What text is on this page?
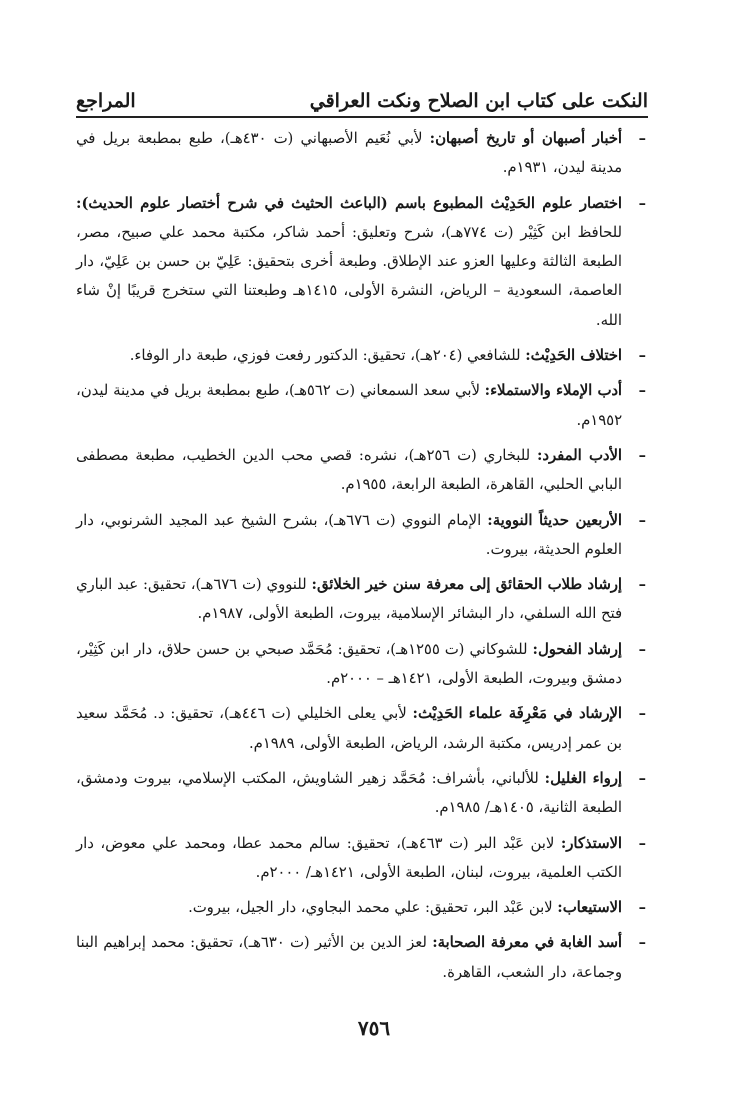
النكت على كتاب ابن الصلاح ونكت العراقي
المراجع
–
أخبار أصبهان أو تاريخ أصبهان: لأبي نُعَيم الأصبهاني (ت ٤٣٠هـ)، طبع بمطبعة بريل في مدينة ليدن، ١٩٣١م.
–
اختصار علوم الحَدِيْث المطبوع باسم (الباعث الحثيث في شرح أختصار علوم الحديث): للحافظ ابن كَثِيْر (ت ٧٧٤هـ)، شرح وتعليق: أحمد شاكر، مكتبة محمد علي صبيح، مصر، الطبعة الثالثة وعليها العزو عند الإطلاق. وطبعة أخرى بتحقيق: عَلِيّ بن حسن بن عَلِيّ، دار العاصمة، السعودية – الرياض، النشرة الأولى، ١٤١٥هـ وطبعتنا التي ستخرج قريبًا إنْ شاء الله.
–
اختلاف الحَدِيْث: للشافعي (٢٠٤هـ)، تحقيق: الدكتور رفعت فوزي، طبعة دار الوفاء.
–
أدب الإملاء والاستملاء: لأبي سعد السمعاني (ت ٥٦٢هـ)، طبع بمطبعة بريل في مدينة ليدن، ١٩٥٢م.
–
الأدب المفرد: للبخاري (ت ٢٥٦هـ)، نشره: قصي محب الدين الخطيب، مطبعة مصطفى البابي الحلبي، القاهرة، الطبعة الرابعة، ١٩٥٥م.
–
الأربعين حديثاً النووية: الإمام النووي (ت ٦٧٦هـ)، بشرح الشيخ عبد المجيد الشرنوبي، دار العلوم الحديثة، بيروت.
–
إرشاد طلاب الحقائق إلى معرفة سنن خير الخلائق: للنووي (ت ٦٧٦هـ)، تحقيق: عبد الباري فتح الله السلفي، دار البشائر الإسلامية، بيروت، الطبعة الأولى، ١٩٨٧م.
–
إرشاد الفحول: للشوكاني (ت ١٢٥٥هـ)، تحقيق: مُحَمَّد صبحي بن حسن حلاق، دار ابن كَثِيْر، دمشق وبيروت، الطبعة الأولى، ١٤٢١هـ – ٢٠٠٠م.
–
الإرشاد في مَعْرِفَة علماء الحَدِيْث: لأبي يعلى الخليلي (ت ٤٤٦هـ)، تحقيق: د. مُحَمَّد سعيد بن عمر إدريس، مكتبة الرشد، الرياض، الطبعة الأولى، ١٩٨٩م.
–
إرواء الغليل: للألباني، بأشراف: مُحَمَّد زهير الشاويش، المكتب الإسلامي، بيروت ودمشق، الطبعة الثانية، ١٤٠٥هـ/ ١٩٨٥م.
–
الاستذكار: لابن عَبْد البر (ت ٤٦٣هـ)، تحقيق: سالم محمد عطا، ومحمد علي معوض، دار الكتب العلمية، بيروت، لبنان، الطبعة الأولى، ١٤٢١هـ/ ٢٠٠٠م.
–
الاستيعاب: لابن عَبْد البر، تحقيق: علي محمد البجاوي، دار الجيل، بيروت.
–
أسد الغابة في معرفة الصحابة: لعز الدين بن الأثير (ت ٦٣٠هـ)، تحقيق: محمد إبراهيم البنا وجماعة، دار الشعب، القاهرة.
٧٥٦
